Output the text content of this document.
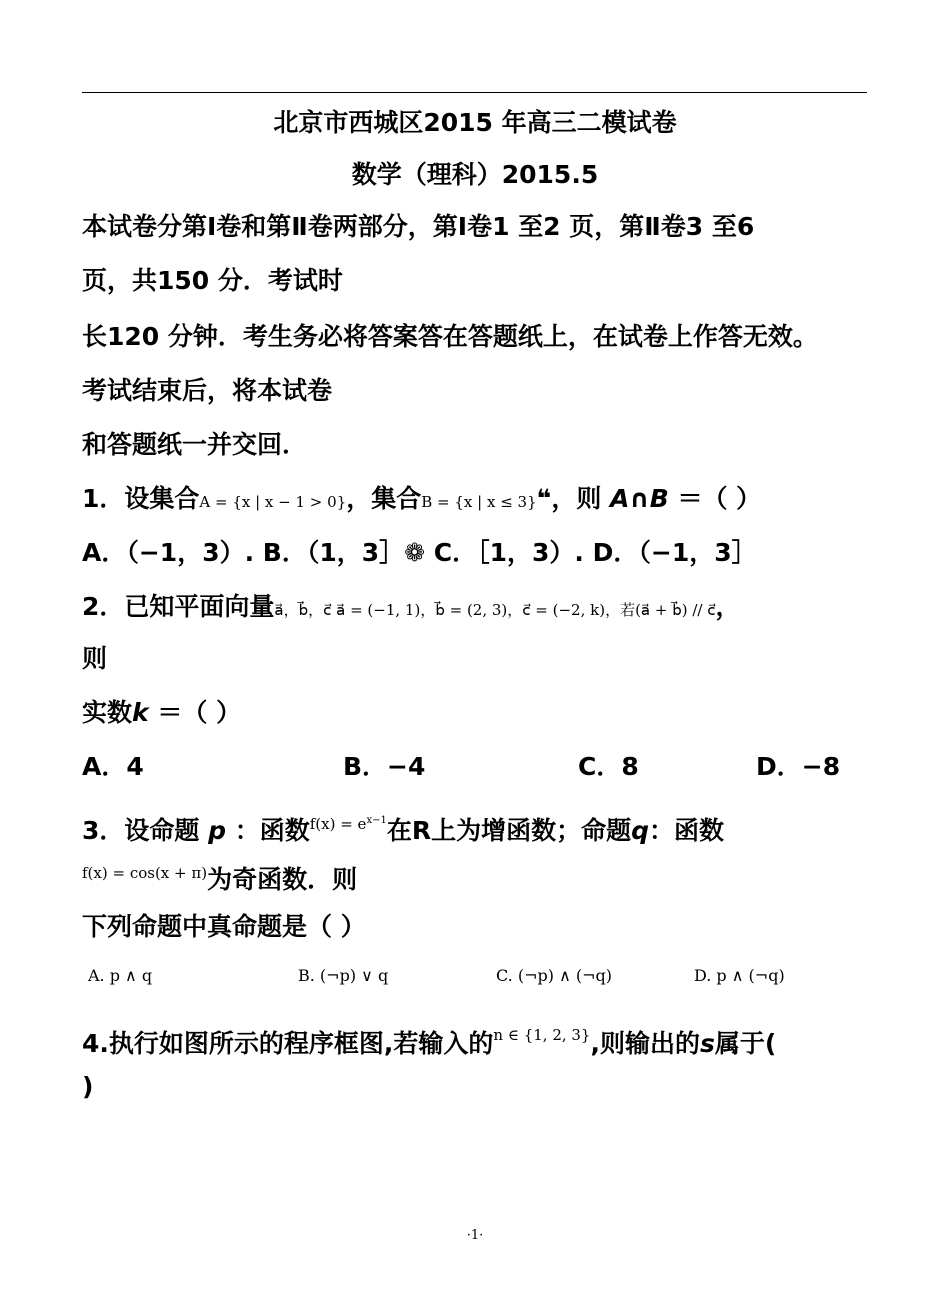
北京市西城区2015 年高三二模试卷
数学（理科）2015.5
本试卷分第Ⅰ卷和第Ⅱ卷两部分，第Ⅰ卷1 至2 页，第Ⅱ卷3 至6
页，共150 分．考试时
长120 分钟．考生务必将答案答在答题纸上，在试卷上作答无效。
考试结束后，将本试卷
和答题纸一并交回．
1．设集合A = {x | x − 1 > 0}，集合B = {x | x ≤ 3}❝，则 A∩B ＝（ ）
A．（−1，3）. B．（1，3］❁ C．［1，3）. D．（−1，3］
2．已知平面向量a⃗，b⃗，c⃗ a⃗ = (−1, 1)，b⃗ = (2, 3)，c⃗ = (−2, k)，若(a⃗ + b⃗) // c⃗，
则
实数k ＝（ ）
A．4	B．−4	C．8	D．−8
3．设命题 p ：函数$^{f(x) = e^{x-1}}$在R上为增函数；命题q：函数
$^{f(x) = cos(x + \pi)}$为奇函数．则
下列命题中真命题是（ ）
A. p ∧ q	B. (¬p) ∨ q	C. (¬p) ∧ (¬q)	D. p ∧ (¬q)
4.执行如图所示的程序框图,若输入的$^{n \in \{1, 2, 3\}}$,则输出的s属于(
)
·1·
